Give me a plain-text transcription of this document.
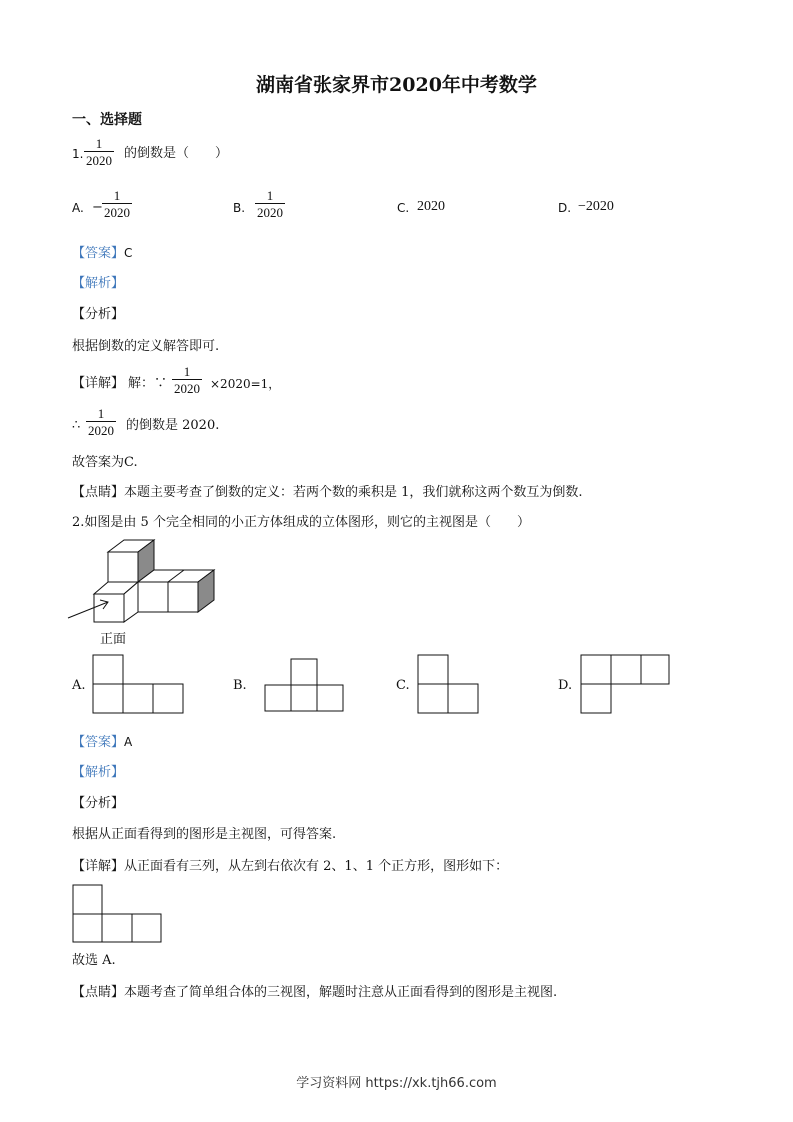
湖南省张家界市2020年中考数学
一、选择题
1. $\frac{1}{2020}$ 的倒数是（　　）
A. − $\frac{1}{2020}$	B. $\frac{1}{2020}$	C. 2020	D. −2020
【答案】C
【解析】
【分析】
根据倒数的定义解答即可.
【详解】 解：∵ $\frac{1}{2020} \times 2020=1$，
∴ $\frac{1}{2020}$ 的倒数是 2020.
故答案为C.
【点睛】本题主要考查了倒数的定义：若两个数的乘积是 1，我们就称这两个数互为倒数.
2.如图是由 5 个完全相同的小正方体组成的立体图形，则它的主视图是（　　）
正面
A.	B.	C.	D.
【答案】A
【解析】
【分析】
根据从正面看得到的图形是主视图，可得答案.
【详解】从正面看有三列，从左到右依次有 2、1、1 个正方形，图形如下：
故选 A.
【点睛】本题考查了简单组合体的三视图，解题时注意从正面看得到的图形是主视图.
学习资料网 https://xk.tjh66.com
